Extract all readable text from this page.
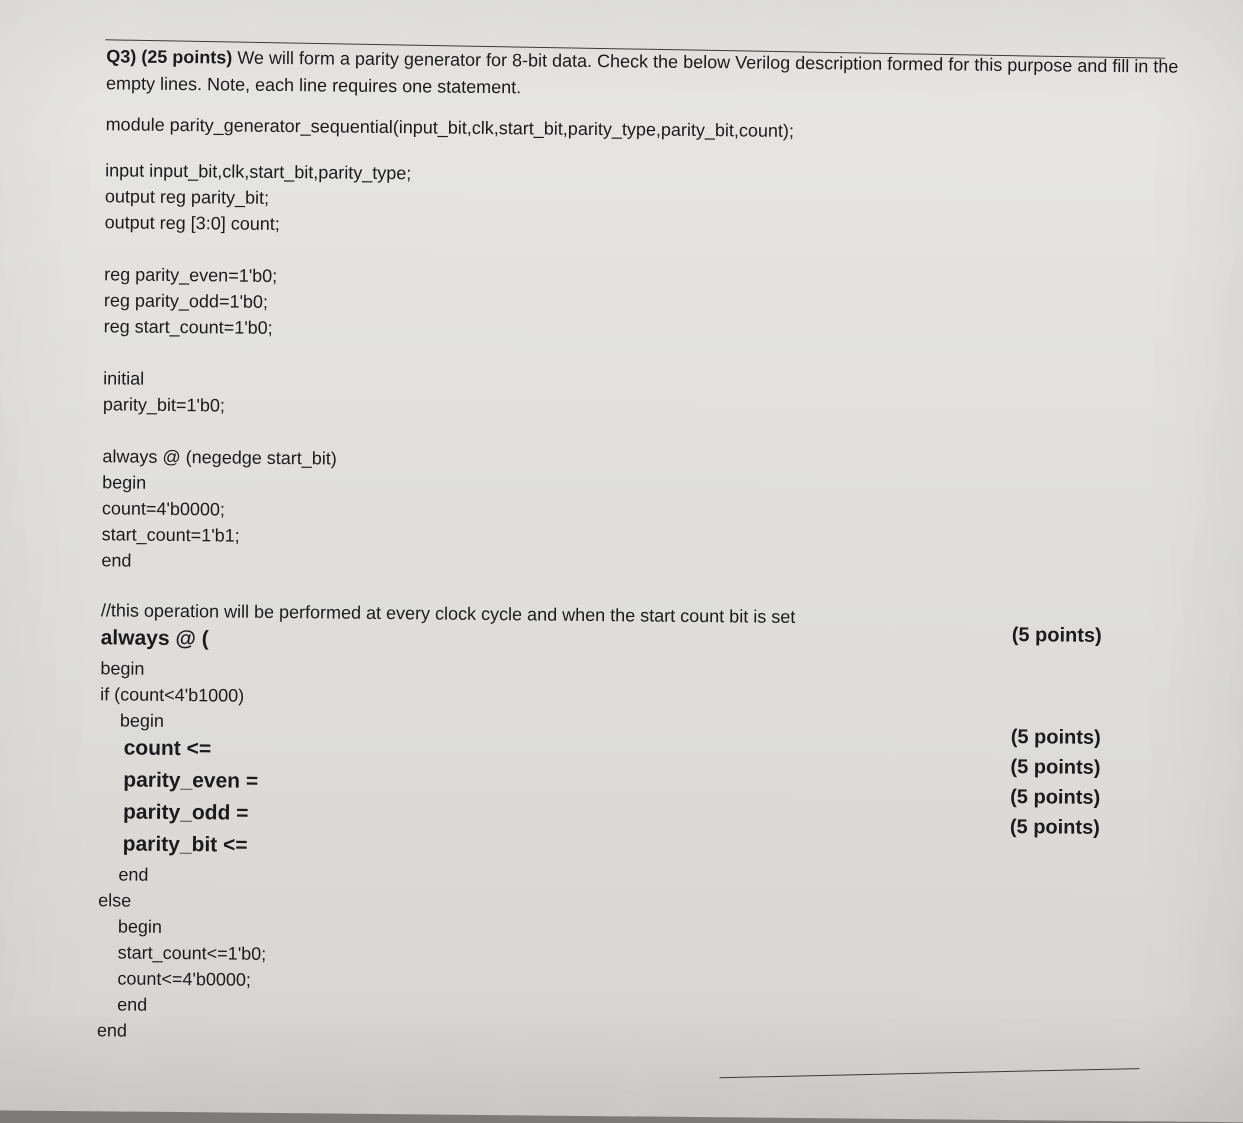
Q3) (25 points) We will form a parity generator for 8-bit data. Check the below Verilog description formed for this purpose and fill in the empty lines. Note, each line requires one statement.
module parity_generator_sequential(input_bit,clk,start_bit,parity_type,parity_bit,count);
input input_bit,clk,start_bit,parity_type;
output reg parity_bit;
output reg [3:0] count;
reg parity_even=1'b0;
reg parity_odd=1'b0;
reg start_count=1'b0;
initial
parity_bit=1'b0;
always @ (negedge start_bit)
begin
count=4'b0000;
start_count=1'b1;
end
//this operation will be performed at every clock cycle and when the start count bit is set
always @ (
begin
if (count<4'b1000)
begin
count <=
parity_even =
parity_odd =
parity_bit <=
end
else
begin
start_count<=1'b0;
count<=4'b0000;
end
end
(5 points)
(5 points)
(5 points)
(5 points)
(5 points)
